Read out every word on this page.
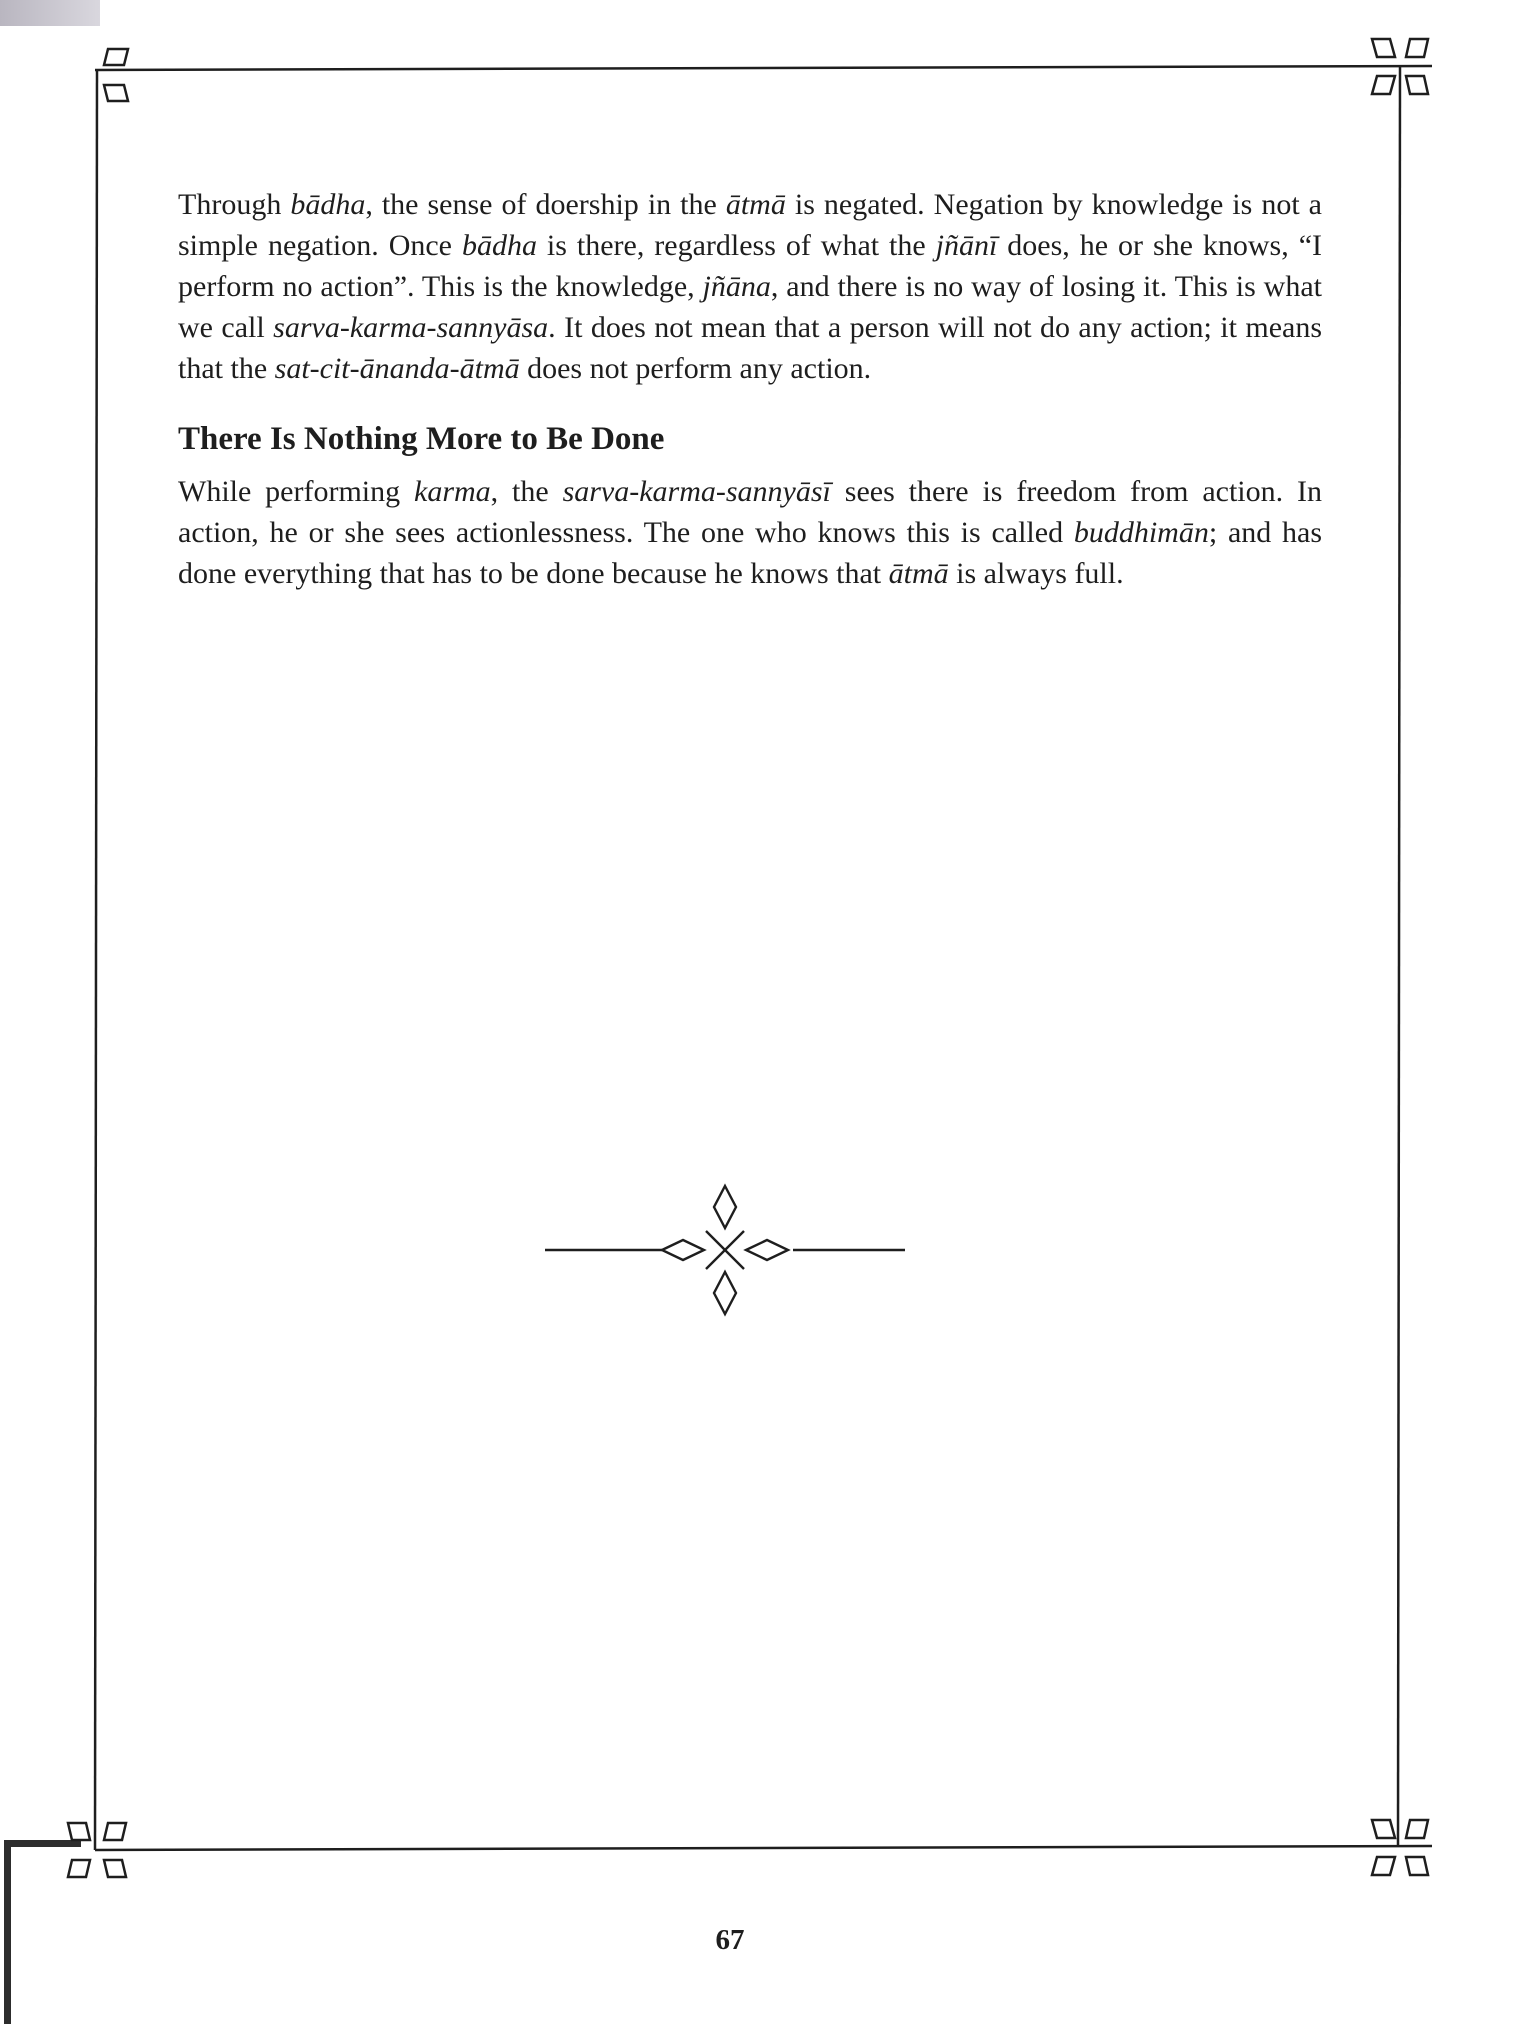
Through bādha, the sense of doership in the ātmā is negated. Negation by knowledge is not a simple negation. Once bādha is there, regardless of what the jñānī does, he or she knows, “I perform no action”. This is the knowledge, jñāna, and there is no way of losing it. This is what we call sarva-karma-sannyāsa. It does not mean that a person will not do any action; it means that the sat-cit-ānanda-ātmā does not perform any action.

There Is Nothing More to Be Done

While performing karma, the sarva-karma-sannyāsī sees there is freedom from action. In action, he or she sees actionlessness. The one who knows this is called buddhimān; and has done everything that has to be done because he knows that ātmā is always full.

67
